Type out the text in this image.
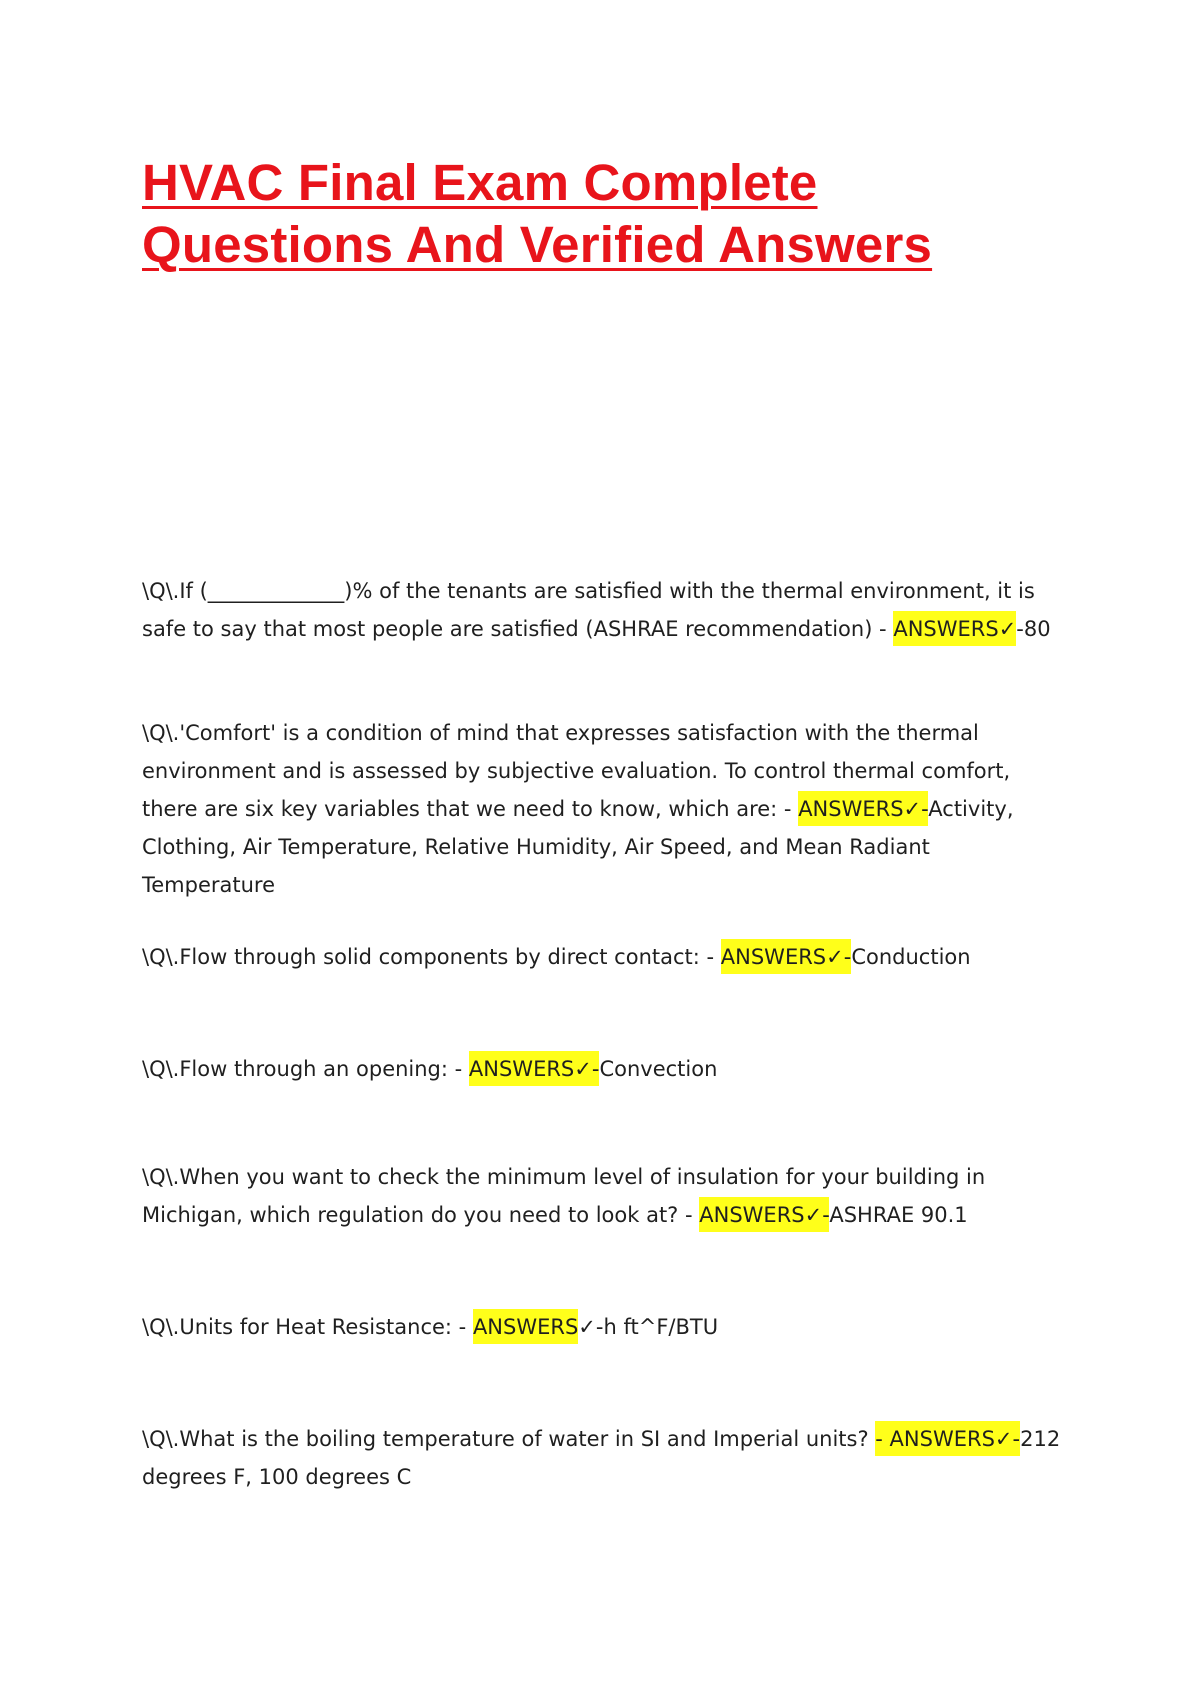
HVAC Final Exam Complete Questions And Verified Answers

\Q\.If (_____________)% of the tenants are satisfied with the thermal environment, it is safe to say that most people are satisfied (ASHRAE recommendation) - ANSWERS✓-80

\Q\.'Comfort' is a condition of mind that expresses satisfaction with the thermal environment and is assessed by subjective evaluation. To control thermal comfort, there are six key variables that we need to know, which are: - ANSWERS✓-Activity, Clothing, Air Temperature, Relative Humidity, Air Speed, and Mean Radiant Temperature

\Q\.Flow through solid components by direct contact: - ANSWERS✓-Conduction

\Q\.Flow through an opening: - ANSWERS✓-Convection

\Q\.When you want to check the minimum level of insulation for your building in Michigan, which regulation do you need to look at? - ANSWERS✓-ASHRAE 90.1

\Q\.Units for Heat Resistance: - ANSWERS✓-h ft^F/BTU

\Q\.What is the boiling temperature of water in SI and Imperial units? - ANSWERS✓-212 degrees F, 100 degrees C
